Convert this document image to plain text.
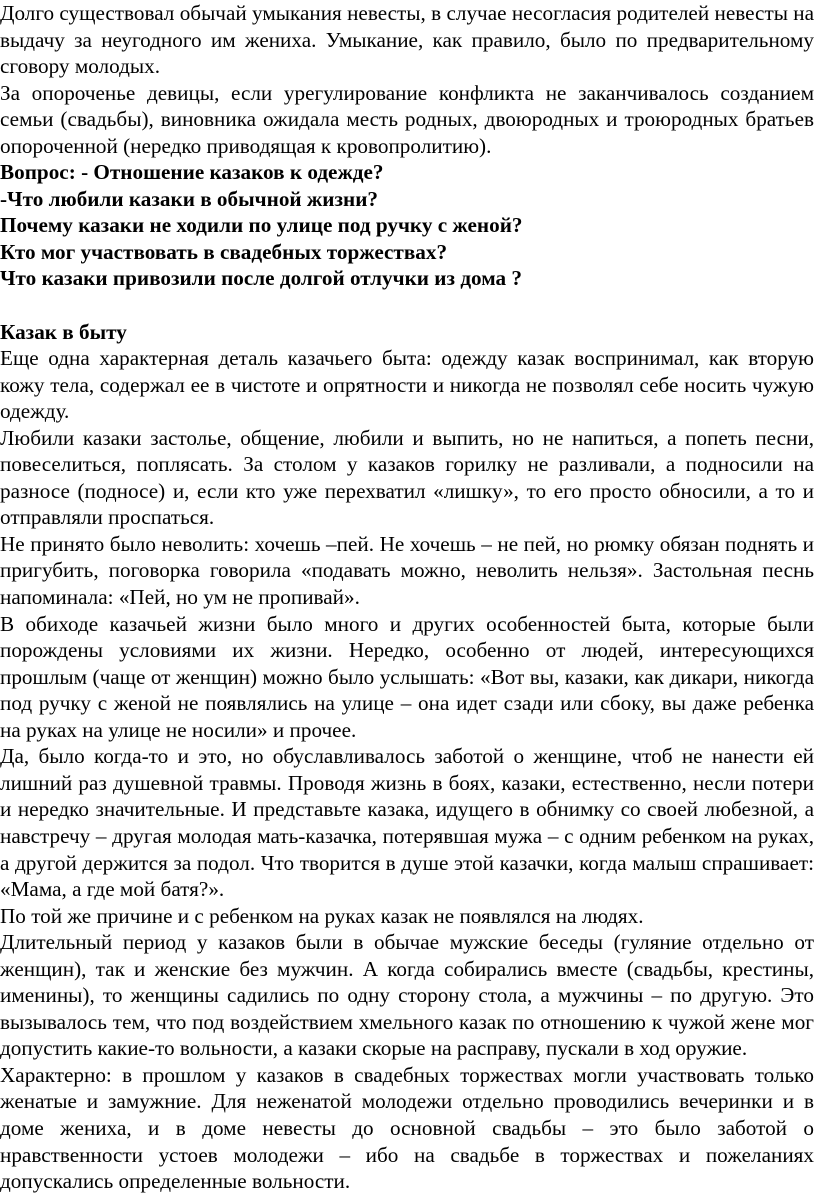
Долго существовал обычай умыкания невесты, в случае несогласия родителей невесты на выдачу за неугодного им жениха. Умыкание, как правило, было по предварительному сговору молодых.

За опороченье девицы, если урегулирование конфликта не заканчивалось созданием семьи (свадьбы), виновника ожидала месть родных, двоюродных и троюродных братьев опороченной (нередко приводящая к кровопролитию).

Вопрос: - Отношение казаков к одежде?

-Что любили казаки в обычной жизни?

Почему казаки не ходили по улице под ручку с женой?

Кто мог участвовать в свадебных торжествах?

Что казаки привозили после долгой отлучки из дома ?

Казак в быту

Еще одна характерная деталь казачьего быта: одежду казак воспринимал, как вторую кожу тела, содержал ее в чистоте и опрятности и никогда не позволял себе носить чужую одежду.

Любили казаки застолье, общение, любили и выпить, но не напиться, а попеть песни, повеселиться, поплясать. За столом у казаков горилку не разливали, а подносили на разносе (подносе) и, если кто уже перехватил «лишку», то его просто обносили, а то и отправляли проспаться.

Не принято было неволить: хочешь –пей. Не хочешь – не пей, но рюмку обязан поднять и пригубить, поговорка говорила «подавать можно, неволить нельзя». Застольная песнь напоминала: «Пей, но ум не пропивай».

В обиходе казачьей жизни было много и других особенностей быта, которые были порождены условиями их жизни. Нередко, особенно от людей, интересующихся прошлым (чаще от женщин) можно было услышать: «Вот вы, казаки, как дикари, никогда под ручку с женой не появлялись на улице – она идет сзади или сбоку, вы даже ребенка на руках на улице не носили» и прочее.

Да, было когда-то и это, но обуславливалось заботой о женщине, чтоб не нанести ей лишний раз душевной травмы. Проводя жизнь в боях, казаки, естественно, несли потери и нередко значительные. И представьте казака, идущего в обнимку со своей любезной, а навстречу – другая молодая мать-казачка, потерявшая мужа – с одним ребенком на руках, а другой держится за подол. Что творится в душе этой казачки, когда малыш спрашивает: «Мама, а где мой батя?».

По той же причине и с ребенком на руках казак не появлялся на людях.

Длительный период у казаков были в обычае мужские беседы (гуляние отдельно от женщин), так и женские без мужчин. А когда собирались вместе (свадьбы, крестины, именины), то женщины садились по одну сторону стола, а мужчины – по другую. Это вызывалось тем, что под воздействием хмельного казак по отношению к чужой жене мог допустить какие-то вольности, а казаки скорые на расправу, пускали в ход оружие.

Характерно: в прошлом у казаков в свадебных торжествах могли участвовать только женатые и замужние. Для неженатой молодежи отдельно проводились вечеринки и в доме жениха, и в доме невесты до основной свадьбы – это было заботой о нравственности устоев молодежи – ибо на свадьбе в торжествах и пожеланиях допускались определенные вольности.
